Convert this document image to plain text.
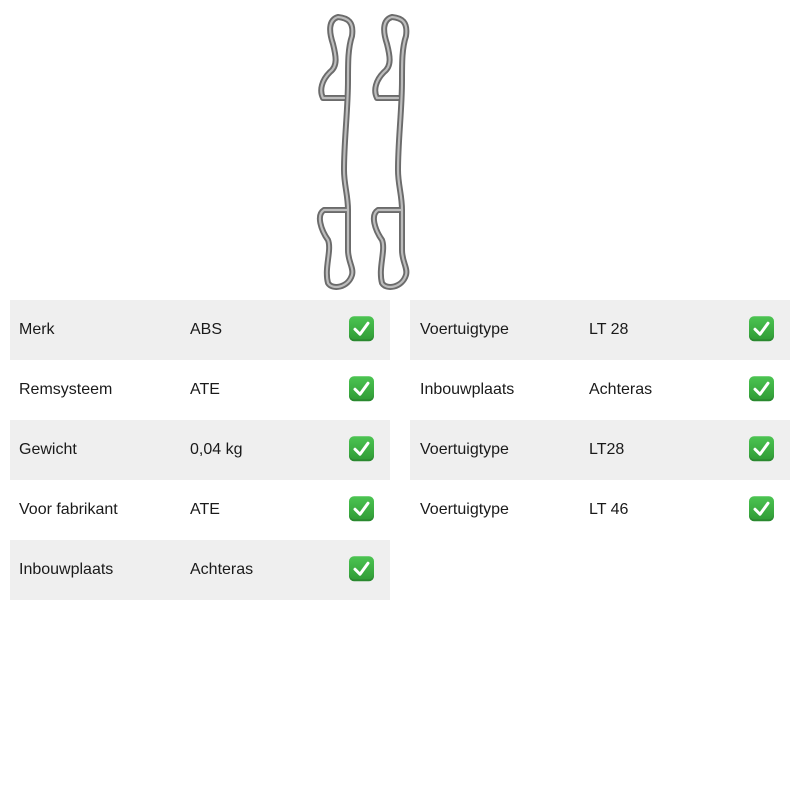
Merk	ABS
Remsysteem	ATE
Gewicht	0,04 kg
Voor fabrikant	ATE
Inbouwplaats	Achteras
Voertuigtype	LT 28
Inbouwplaats	Achteras
Voertuigtype	LT28
Voertuigtype	LT 46
